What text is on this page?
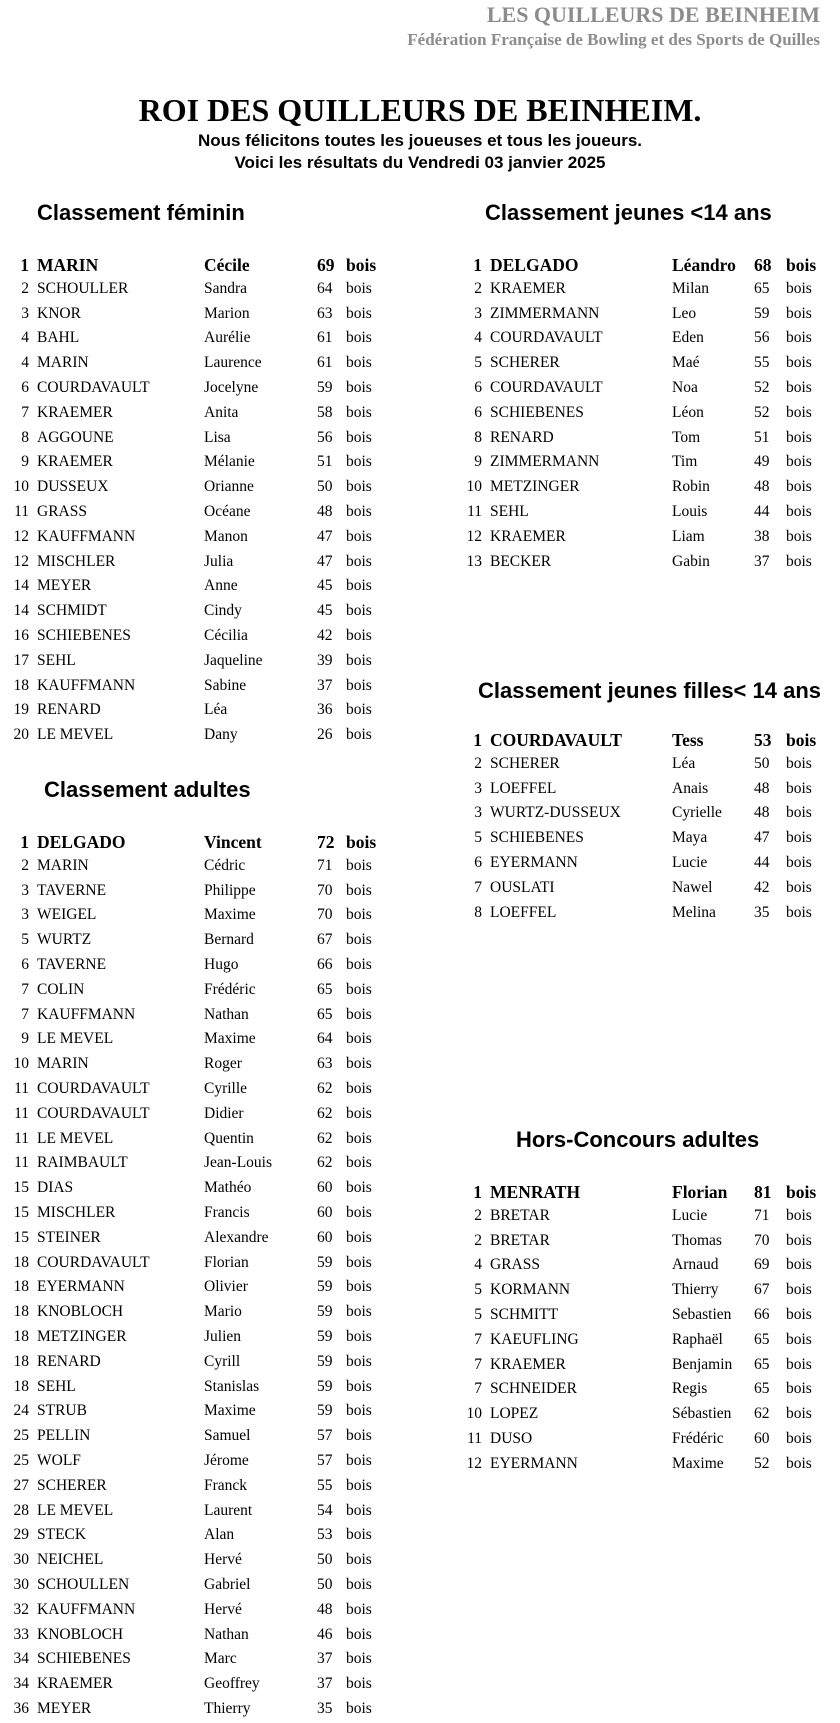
LES QUILLEURS DE BEINHEIM
Fédération Française de Bowling et des Sports de Quilles
ROI DES QUILLEURS DE BEINHEIM.
Nous félicitons toutes les joueuses et tous les joueurs.
Voici les résultats du Vendredi 03 janvier 2025
Classement féminin
1 MARIN	Cécile	69 bois
2 SCHOULLER	Sandra	64 bois
3 KNOR	Marion	63 bois
4 BAHL	Aurélie	61 bois
4 MARIN	Laurence	61 bois
6 COURDAVAULT	Jocelyne	59 bois
7 KRAEMER	Anita	58 bois
8 AGGOUNE	Lisa	56 bois
9 KRAEMER	Mélanie	51 bois
10 DUSSEUX	Orianne	50 bois
11 GRASS	Océane	48 bois
12 KAUFFMANN	Manon	47 bois
12 MISCHLER	Julia	47 bois
14 MEYER	Anne	45 bois
14 SCHMIDT	Cindy	45 bois
16 SCHIEBENES	Cécilia	42 bois
17 SEHL	Jaqueline	39 bois
18 KAUFFMANN	Sabine	37 bois
19 RENARD	Léa	36 bois
20 LE MEVEL	Dany	26 bois
Classement adultes
1 DELGADO	Vincent	72 bois
2 MARIN	Cédric	71 bois
3 TAVERNE	Philippe	70 bois
3 WEIGEL	Maxime	70 bois
5 WURTZ	Bernard	67 bois
6 TAVERNE	Hugo	66 bois
7 COLIN	Frédéric	65 bois
7 KAUFFMANN	Nathan	65 bois
9 LE MEVEL	Maxime	64 bois
10 MARIN	Roger	63 bois
11 COURDAVAULT	Cyrille	62 bois
11 COURDAVAULT	Didier	62 bois
11 LE MEVEL	Quentin	62 bois
11 RAIMBAULT	Jean-Louis	62 bois
15 DIAS	Mathéo	60 bois
15 MISCHLER	Francis	60 bois
15 STEINER	Alexandre	60 bois
18 COURDAVAULT	Florian	59 bois
18 EYERMANN	Olivier	59 bois
18 KNOBLOCH	Mario	59 bois
18 METZINGER	Julien	59 bois
18 RENARD	Cyrill	59 bois
18 SEHL	Stanislas	59 bois
24 STRUB	Maxime	59 bois
25 PELLIN	Samuel	57 bois
25 WOLF	Jérome	57 bois
27 SCHERER	Franck	55 bois
28 LE MEVEL	Laurent	54 bois
29 STECK	Alan	53 bois
30 NEICHEL	Hervé	50 bois
30 SCHOULLEN	Gabriel	50 bois
32 KAUFFMANN	Hervé	48 bois
33 KNOBLOCH	Nathan	46 bois
34 SCHIEBENES	Marc	37 bois
34 KRAEMER	Geoffrey	37 bois
36 MEYER	Thierry	35 bois
Classement jeunes <14 ans
1 DELGADO	Léandro 68 bois
2 KRAEMER	Milan	65 bois
3 ZIMMERMANN	Leo	59 bois
4 COURDAVAULT	Eden	56 bois
5 SCHERER	Maé	55 bois
6 COURDAVAULT	Noa	52 bois
6 SCHIEBENES	Léon	52 bois
8 RENARD	Tom	51 bois
9 ZIMMERMANN	Tim	49 bois
10 METZINGER	Robin	48 bois
11 SEHL	Louis	44 bois
12 KRAEMER	Liam	38 bois
13 BECKER	Gabin	37 bois
Classement jeunes filles< 14 ans
1 COURDAVAULT	Tess	53 bois
2 SCHERER	Léa	50 bois
3 LOEFFEL	Anais	48 bois
3 WURTZ-DUSSEUX	Cyrielle 48 bois
5 SCHIEBENES	Maya	47 bois
6 EYERMANN	Lucie	44 bois
7 OUSLATI	Nawel	42 bois
8 LOEFFEL	Melina 35 bois
Hors-Concours adultes
1 MENRATH	Florian 81 bois
2 BRETAR	Lucie	71 bois
2 BRETAR	Thomas 70 bois
4 GRASS	Arnaud 69 bois
5 KORMANN	Thierry 67 bois
5 SCHMITT	Sebastien 66 bois
7 KAEUFLING	Raphaël 65 bois
7 KRAEMER	Benjamin 65 bois
7 SCHNEIDER	Regis	65 bois
10 LOPEZ	Sébastien 62 bois
11 DUSO	Frédéric 60 bois
12 EYERMANN	Maxime 52 bois
